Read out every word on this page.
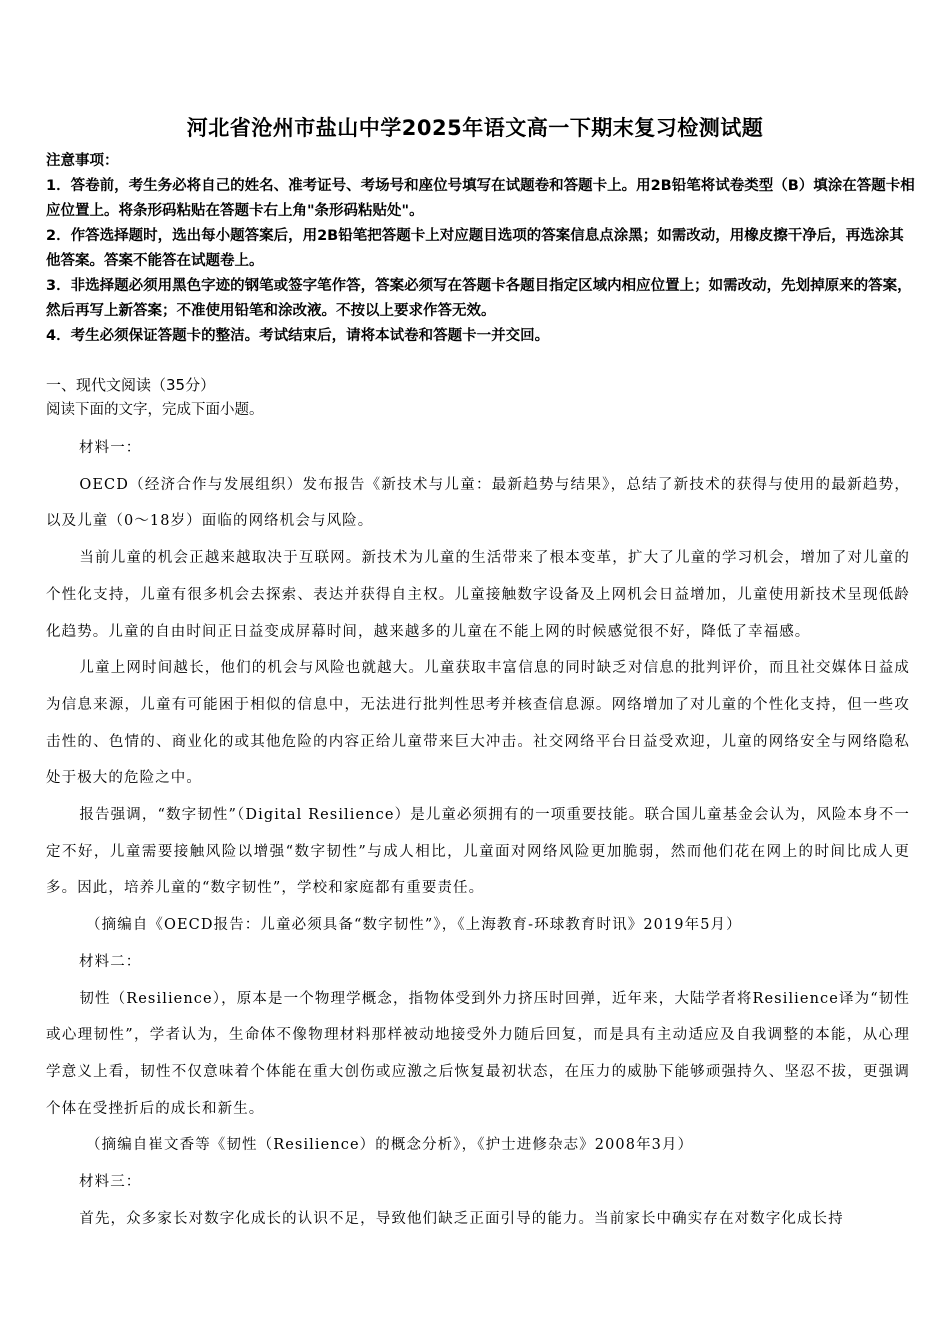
河北省沧州市盐山中学2025年语文高一下期末复习检测试题

注意事项：

1．答卷前，考生务必将自己的姓名、准考证号、考场号和座位号填写在试题卷和答题卡上。用2B铅笔将试卷类型（B）填涂在答题卡相应位置上。将条形码粘贴在答题卡右上角"条形码粘贴处"。

2．作答选择题时，选出每小题答案后，用2B铅笔把答题卡上对应题目选项的答案信息点涂黑；如需改动，用橡皮擦干净后，再选涂其他答案。答案不能答在试题卷上。

3．非选择题必须用黑色字迹的钢笔或签字笔作答，答案必须写在答题卡各题目指定区域内相应位置上；如需改动，先划掉原来的答案，然后再写上新答案；不准使用铅笔和涂改液。不按以上要求作答无效。

4．考生必须保证答题卡的整洁。考试结束后，请将本试卷和答题卡一并交回。

一、现代文阅读（35分）
阅读下面的文字，完成下面小题。

材料一：

OECD（经济合作与发展组织）发布报告《新技术与儿童：最新趋势与结果》，总结了新技术的获得与使用的最新趋势，以及儿童（0～18岁）面临的网络机会与风险。

当前儿童的机会正越来越取决于互联网。新技术为儿童的生活带来了根本变革，扩大了儿童的学习机会，增加了对儿童的个性化支持，儿童有很多机会去探索、表达并获得自主权。儿童接触数字设备及上网机会日益增加，儿童使用新技术呈现低龄化趋势。儿童的自由时间正日益变成屏幕时间，越来越多的儿童在不能上网的时候感觉很不好，降低了幸福感。

儿童上网时间越长，他们的机会与风险也就越大。儿童获取丰富信息的同时缺乏对信息的批判评价，而且社交媒体日益成为信息来源，儿童有可能困于相似的信息中，无法进行批判性思考并核查信息源。网络增加了对儿童的个性化支持，但一些攻击性的、色情的、商业化的或其他危险的内容正给儿童带来巨大冲击。社交网络平台日益受欢迎，儿童的网络安全与网络隐私处于极大的危险之中。

报告强调，“数字韧性”（Digital Resilience）是儿童必须拥有的一项重要技能。联合国儿童基金会认为，风险本身不一定不好，儿童需要接触风险以增强“数字韧性”与成人相比，儿童面对网络风险更加脆弱，然而他们花在网上的时间比成人更多。因此，培养儿童的“数字韧性”，学校和家庭都有重要责任。

（摘编自《OECD报告：儿童必须具备“数字韧性”》，《上海教育-环球教育时讯》2019年5月）

材料二：

韧性（Resilience），原本是一个物理学概念，指物体受到外力挤压时回弹，近年来，大陆学者将Resilience译为“韧性或心理韧性”，学者认为，生命体不像物理材料那样被动地接受外力随后回复，而是具有主动适应及自我调整的本能，从心理学意义上看，韧性不仅意味着个体能在重大创伤或应激之后恢复最初状态，在压力的威胁下能够顽强持久、坚忍不拔，更强调个体在受挫折后的成长和新生。

（摘编自崔文香等《韧性（Resilience）的概念分析》，《护士进修杂志》2008年3月）

材料三：

首先，众多家长对数字化成长的认识不足，导致他们缺乏正面引导的能力。当前家长中确实存在对数字化成长持
